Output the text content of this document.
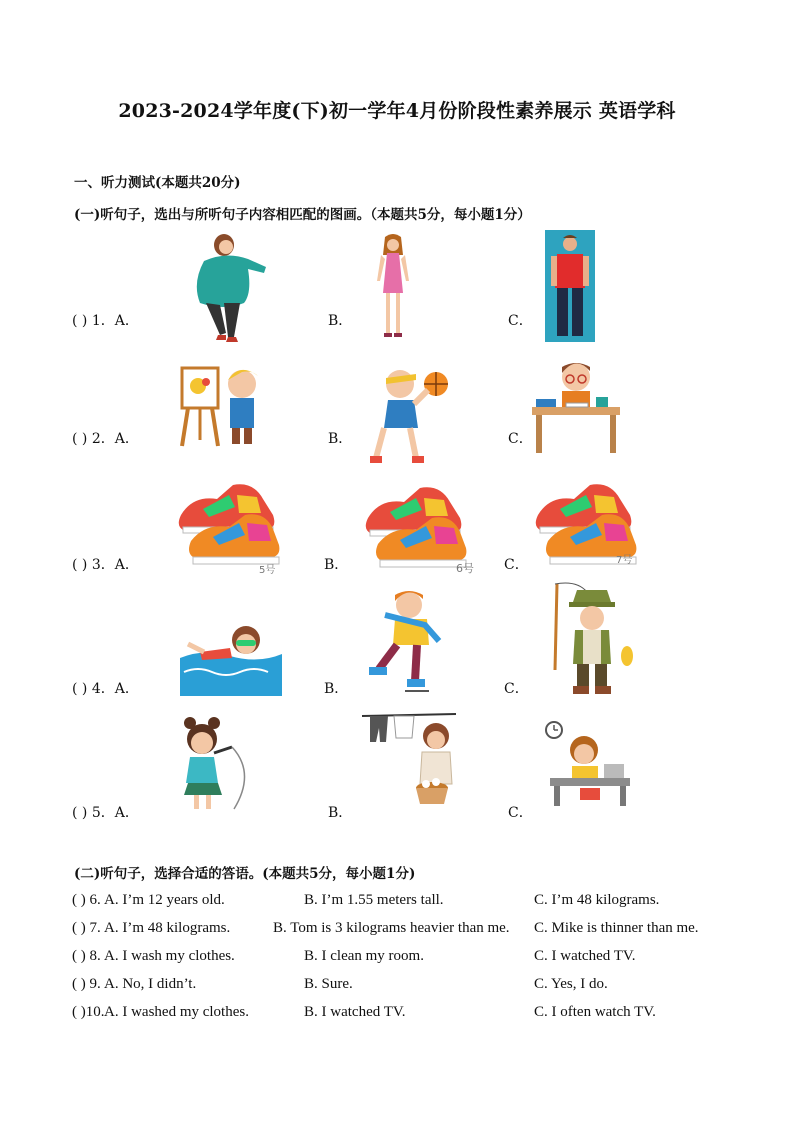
2023-2024学年度(下)初一学年4月份阶段性素养展示 英语学科
一、听力测试(本题共20分)
(一)听句子，选出与所听句子内容相匹配的图画。（本题共5分，每小题1分）
( ) 1．A．	B．	C．
( ) 2．A．	B．	C．
( ) 3．A．	B．	C．
5号	6号
7号
( ) 4．A．	B．	C．
( ) 5．A．	B．	C．
(二)听句子，选择合适的答语。(本题共5分，每小题1分)
( ) 6. A. I’m 12 years old.	B. I’m 1.55 meters tall.	C. I’m 48 kilograms.
( ) 7. A. I’m 48 kilograms.	B. Tom is 3 kilograms heavier than me. C. Mike is thinner than me.
( ) 8. A. I wash my clothes.	B. I clean my room.	C. I watched TV.
( ) 9. A. No, I didn’t.	B. Sure.	C. Yes, I do.
( )10. A. I washed my clothes.	B. I watched TV.	C. I often watch TV.
